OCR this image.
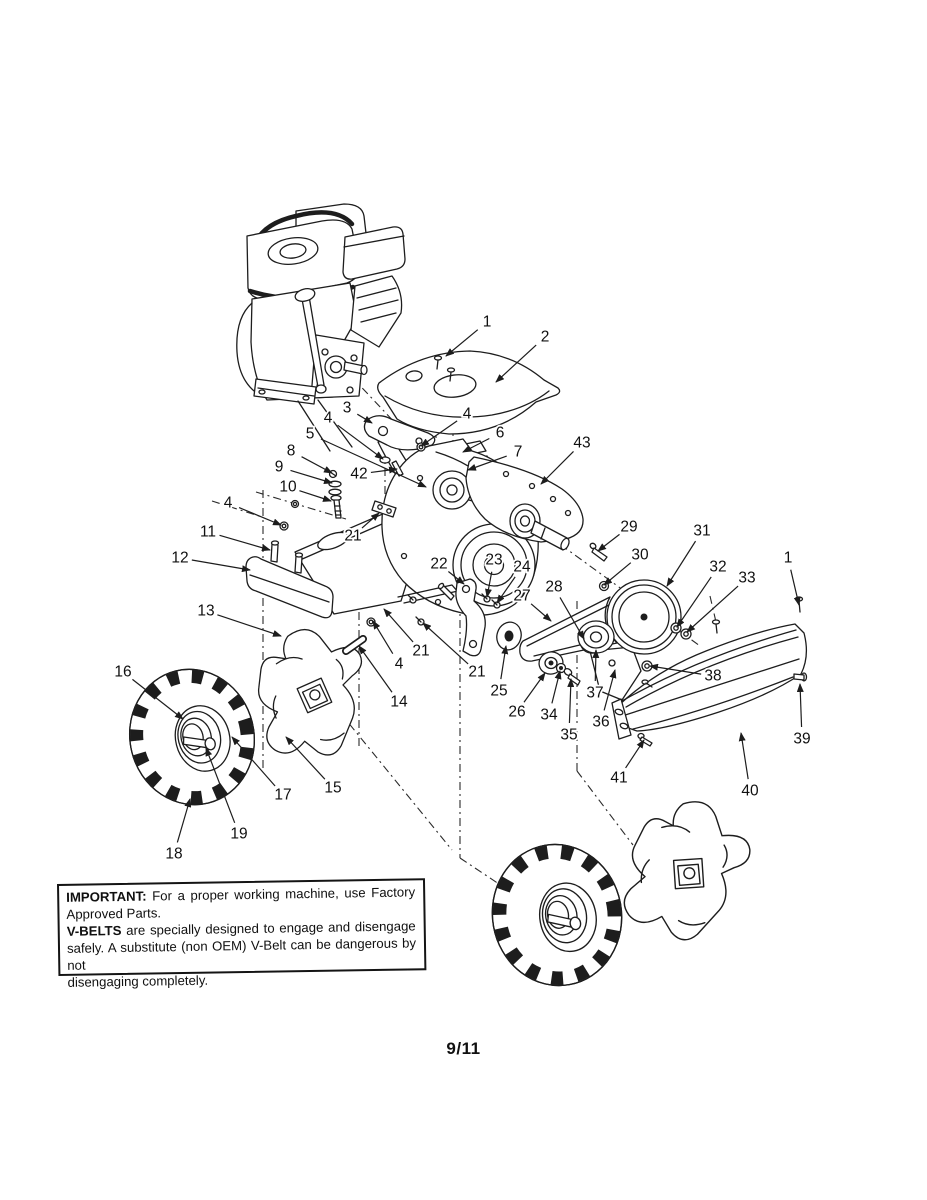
1
2
3
4
5
42
4
6
7
43
8
9
10
4
11
12
13
21
22
21
4	21
23 24
25
26
27
28
29
30
31
32
33
34
35
36
37
38
39
40
41
1
14
15
16
17
18
19
IMPORTANT: For a proper working machine, use Factory
Approved Parts.
V-BELTS are specially designed to engage and disengage
safely. A substitute (non OEM) V-Belt can be dangerous by not
disengaging completely.
9/11
